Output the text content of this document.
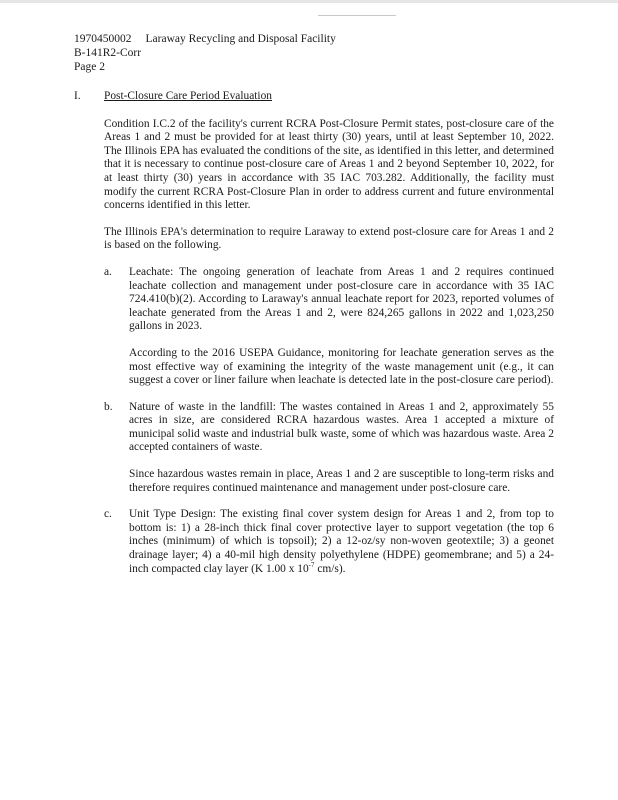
1970450002 Laraway Recycling and Disposal Facility
B-141R2-Corr
Page 2
I.	Post-Closure Care Period Evaluation

Condition I.C.2 of the facility's current RCRA Post-Closure Permit states, post-closure care of the Areas 1 and 2 must be provided for at least thirty (30) years, until at least September 10, 2022. The Illinois EPA has evaluated the conditions of the site, as identified in this letter, and determined that it is necessary to continue post-closure care of Areas 1 and 2 beyond September 10, 2022, for at least thirty (30) years in accordance with 35 IAC 703.282. Additionally, the facility must modify the current RCRA Post-Closure Plan in order to address current and future environmental concerns identified in this letter.

The Illinois EPA's determination to require Laraway to extend post-closure care for Areas 1 and 2 is based on the following.

a.	Leachate: The ongoing generation of leachate from Areas 1 and 2 requires continued leachate collection and management under post-closure care in accordance with 35 IAC 724.410(b)(2). According to Laraway's annual leachate report for 2023, reported volumes of leachate generated from the Areas 1 and 2, were 824,265 gallons in 2022 and 1,023,250 gallons in 2023.

According to the 2016 USEPA Guidance, monitoring for leachate generation serves as the most effective way of examining the integrity of the waste management unit (e.g., it can suggest a cover or liner failure when leachate is detected late in the post-closure care period).

b.	Nature of waste in the landfill: The wastes contained in Areas 1 and 2, approximately 55 acres in size, are considered RCRA hazardous wastes. Area 1 accepted a mixture of municipal solid waste and industrial bulk waste, some of which was hazardous waste. Area 2 accepted containers of waste.

Since hazardous wastes remain in place, Areas 1 and 2 are susceptible to long-term risks and therefore requires continued maintenance and management under post-closure care.

c.	Unit Type Design: The existing final cover system design for Areas 1 and 2, from top to bottom is: 1) a 28-inch thick final cover protective layer to support vegetation (the top 6 inches (minimum) of which is topsoil); 2) a 12-oz/sy non-woven geotextile; 3) a geonet drainage layer; 4) a 40-mil high density polyethylene (HDPE) geomembrane; and 5) a 24-inch compacted clay layer (K 1.00 x $10^{-7}$ cm/s).
